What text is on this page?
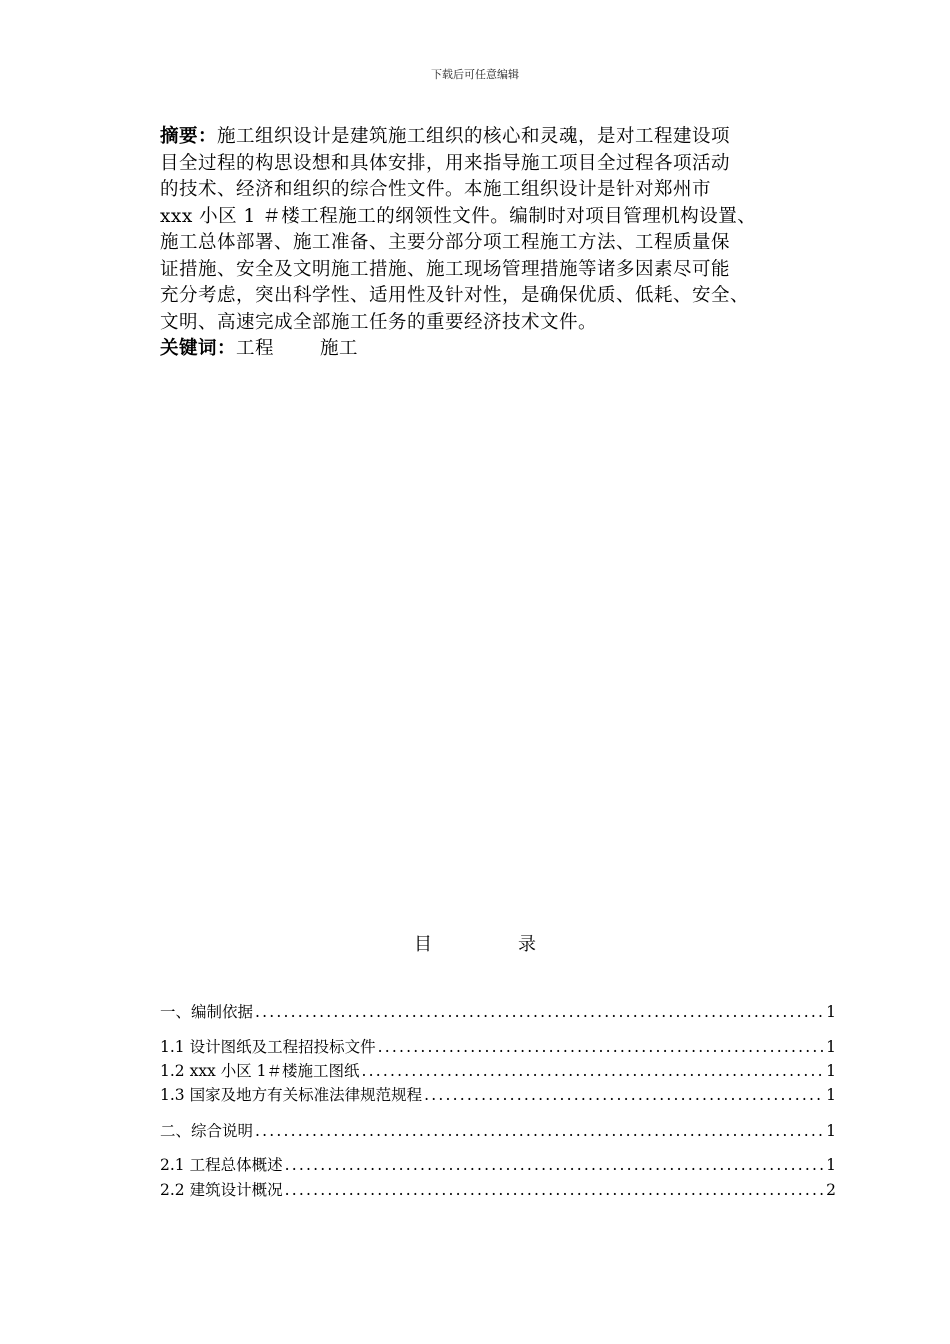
下载后可任意编辑
摘要：施工组织设计是建筑施工组织的核心和灵魂，是对工程建设项
目全过程的构思设想和具体安排，用来指导施工项目全过程各项活动
的技术、经济和组织的综合性文件。本施工组织设计是针对郑州市
xxx 小区 1 ＃楼工程施工的纲领性文件。编制时对项目管理机构设置、
施工总体部署、施工准备、主要分部分项工程施工方法、工程质量保
证措施、安全及文明施工措施、施工现场管理措施等诸多因素尽可能
充分考虑，突出科学性、适用性及针对性，是确保优质、低耗、安全、
文明、高速完成全部施工任务的重要经济技术文件。
关键词：工程 施工
目　录
一、编制依据 .....	1
1.1 设计图纸及工程招投标文件 .....	1
1.2 xxx 小区 1＃楼施工图纸 .....	1
1.3 国家及地方有关标准法律规范规程 .....	1
二、综合说明 .....	1
2.1 工程总体概述 .....	1
2.2 建筑设计概况 .....	2
